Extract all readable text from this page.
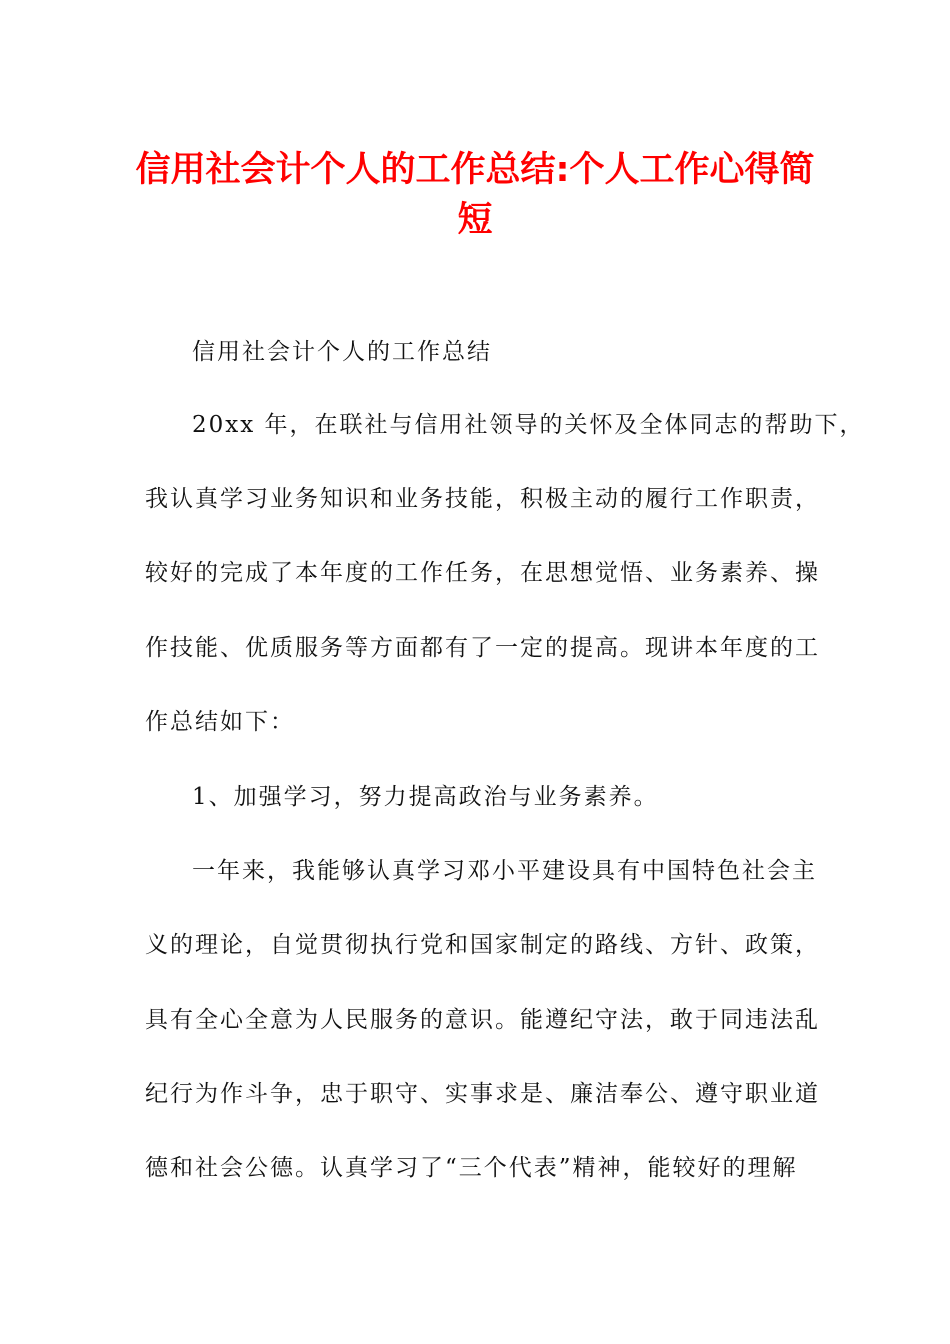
信用社会计个人的工作总结:个人工作心得简
短
信用社会计个人的工作总结
20xx 年，在联社与信用社领导的关怀及全体同志的帮助下，
我认真学习业务知识和业务技能，积极主动的履行工作职责，
较好的完成了本年度的工作任务，在思想觉悟、业务素养、操
作技能、优质服务等方面都有了一定的提高。现讲本年度的工
作总结如下：
1、加强学习，努力提高政治与业务素养。
一年来，我能够认真学习邓小平建设具有中国特色社会主
义的理论，自觉贯彻执行党和国家制定的路线、方针、政策，
具有全心全意为人民服务的意识。能遵纪守法，敢于同违法乱
纪行为作斗争，忠于职守、实事求是、廉洁奉公、遵守职业道
德和社会公德。认真学习了“三个代表”精神，能较好的理解
